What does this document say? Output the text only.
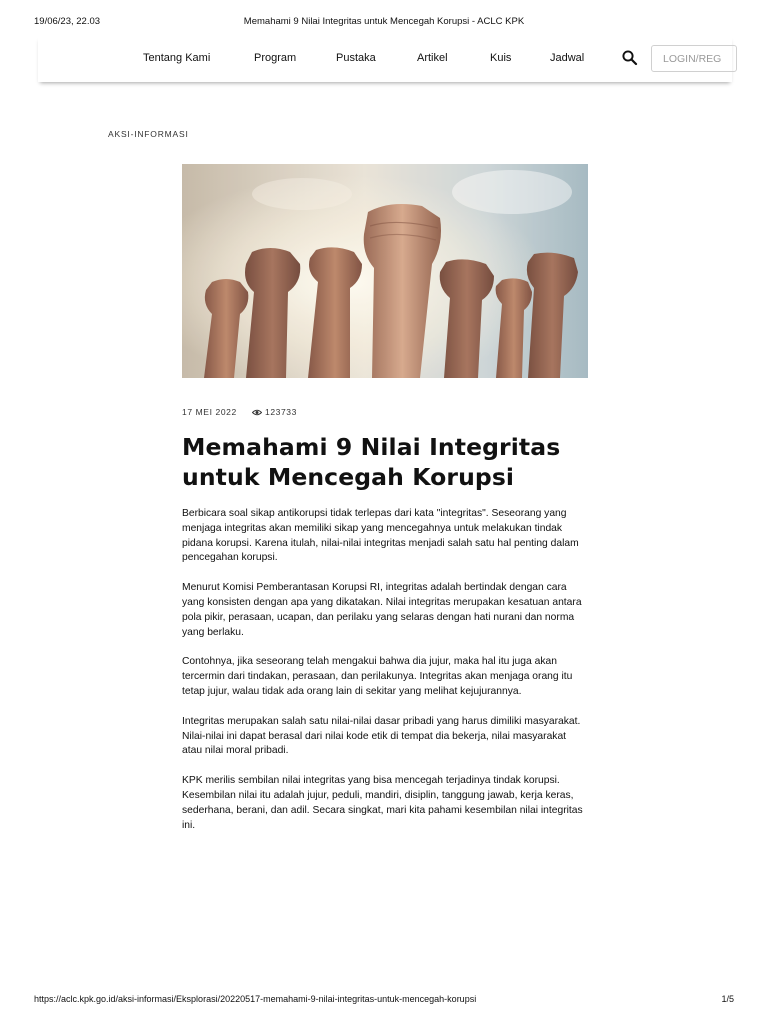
19/06/23, 22.03	Memahami 9 Nilai Integritas untuk Mencegah Korupsi - ACLC KPK
Tentang Kami	Program	Pustaka	Artikel	Kuis	Jadwal	LOGIN/REG
AKSI-INFORMASI
17 MEI 2022	123733
Memahami 9 Nilai Integritas untuk Mencegah Korupsi

Berbicara soal sikap antikorupsi tidak terlepas dari kata "integritas". Seseorang yang menjaga integritas akan memiliki sikap yang mencegahnya untuk melakukan tindak pidana korupsi. Karena itulah, nilai-nilai integritas menjadi salah satu hal penting dalam pencegahan korupsi.

Menurut Komisi Pemberantasan Korupsi RI, integritas adalah bertindak dengan cara yang konsisten dengan apa yang dikatakan. Nilai integritas merupakan kesatuan antara pola pikir, perasaan, ucapan, dan perilaku yang selaras dengan hati nurani dan norma yang berlaku.

Contohnya, jika seseorang telah mengakui bahwa dia jujur, maka hal itu juga akan tercermin dari tindakan, perasaan, dan perilakunya. Integritas akan menjaga orang itu tetap jujur, walau tidak ada orang lain di sekitar yang melihat kejujurannya.

Integritas merupakan salah satu nilai-nilai dasar pribadi yang harus dimiliki masyarakat. Nilai-nilai ini dapat berasal dari nilai kode etik di tempat dia bekerja, nilai masyarakat atau nilai moral pribadi.

KPK merilis sembilan nilai integritas yang bisa mencegah terjadinya tindak korupsi. Kesembilan nilai itu adalah jujur, peduli, mandiri, disiplin, tanggung jawab, kerja keras, sederhana, berani, dan adil. Secara singkat, mari kita pahami kesembilan nilai integritas ini.

https://aclc.kpk.go.id/aksi-informasi/Eksplorasi/20220517-memahami-9-nilai-integritas-untuk-mencegah-korupsi	1/5
